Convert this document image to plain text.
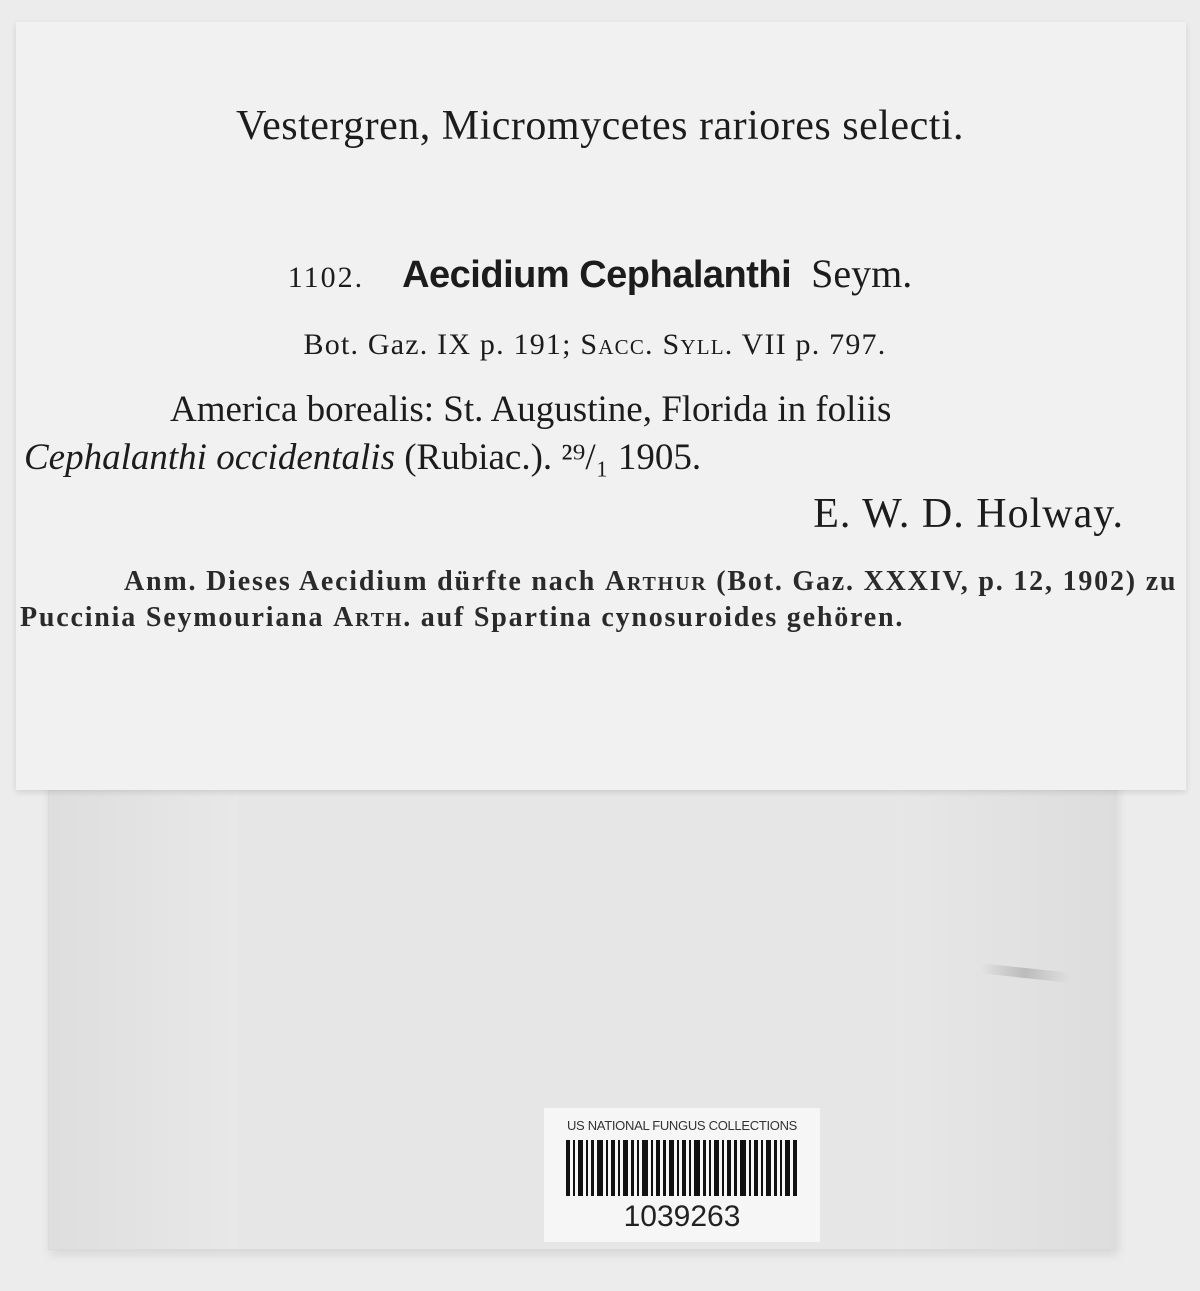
Vestergren, Micromycetes rariores selecti.
1102. Aecidium Cephalanthi Seym.
Bot. Gaz. IX p. 191; Sacc. Syll. VII p. 797.
America borealis: St. Augustine, Florida in foliis
Cephalanthi occidentalis (Rubiac.). ²⁹/₁ 1905.
E. W. D. Holway.
Anm. Dieses Aecidium dürfte nach Arthur (Bot. Gaz. XXXIV, p. 12, 1902) zu Puccinia Seymouriana Arth. auf Spartina cynosuroides gehören.
US NATIONAL FUNGUS COLLECTIONS
1039263
